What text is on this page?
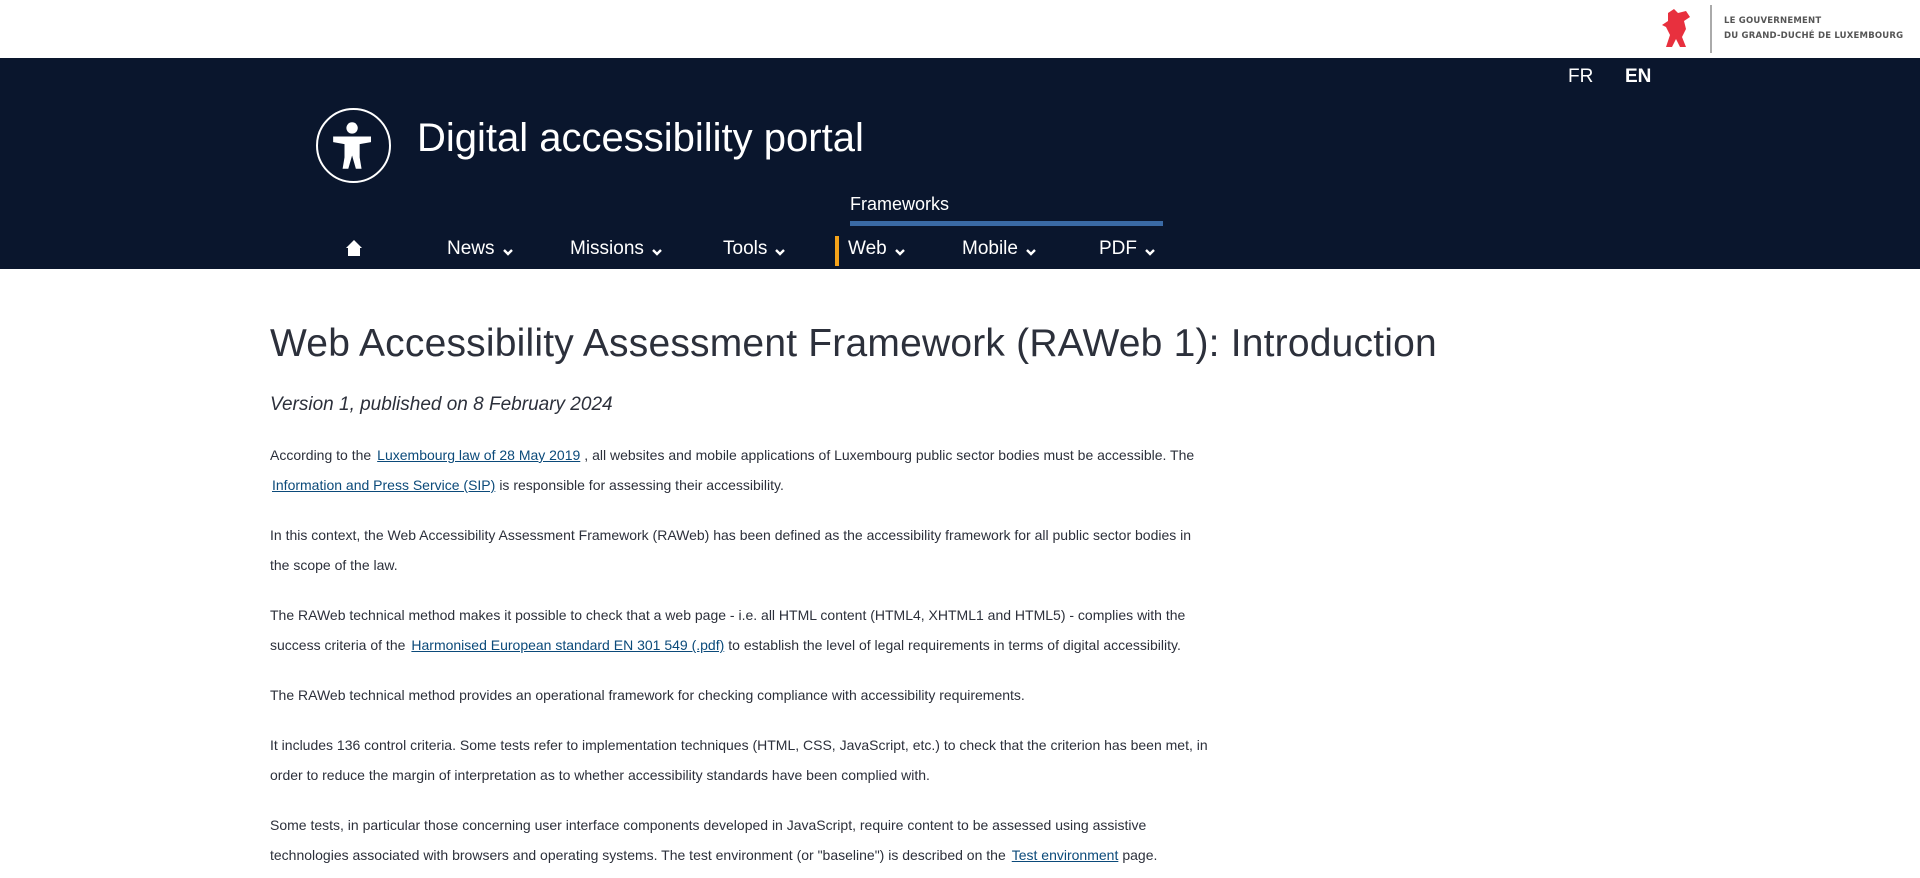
LE GOUVERNEMENT
DU GRAND-DUCHÉ DE LUXEMBOURG
FR EN
Digital accessibility portal
Frameworks
News	Missions	Tools	Web	Mobile	PDF
Web Accessibility Assessment Framework (RAWeb 1): Introduction
Version 1, published on 8 February 2024

According to the Luxembourg law of 28 May 2019 , all websites and mobile applications of Luxembourg public sector bodies must be accessible. The
Information and Press Service (SIP) is responsible for assessing their accessibility.

In this context, the Web Accessibility Assessment Framework (RAWeb) has been defined as the accessibility framework for all public sector bodies in
the scope of the law.

The RAWeb technical method makes it possible to check that a web page - i.e. all HTML content (HTML4, XHTML1 and HTML5) - complies with the
success criteria of the Harmonised European standard EN 301 549 (.pdf) to establish the level of legal requirements in terms of digital accessibility.

The RAWeb technical method provides an operational framework for checking compliance with accessibility requirements.

It includes 136 control criteria. Some tests refer to implementation techniques (HTML, CSS, JavaScript, etc.) to check that the criterion has been met, in
order to reduce the margin of interpretation as to whether accessibility standards have been complied with.

Some tests, in particular those concerning user interface components developed in JavaScript, require content to be assessed using assistive
technologies associated with browsers and operating systems. The test environment (or "baseline") is described on the Test environment page.
